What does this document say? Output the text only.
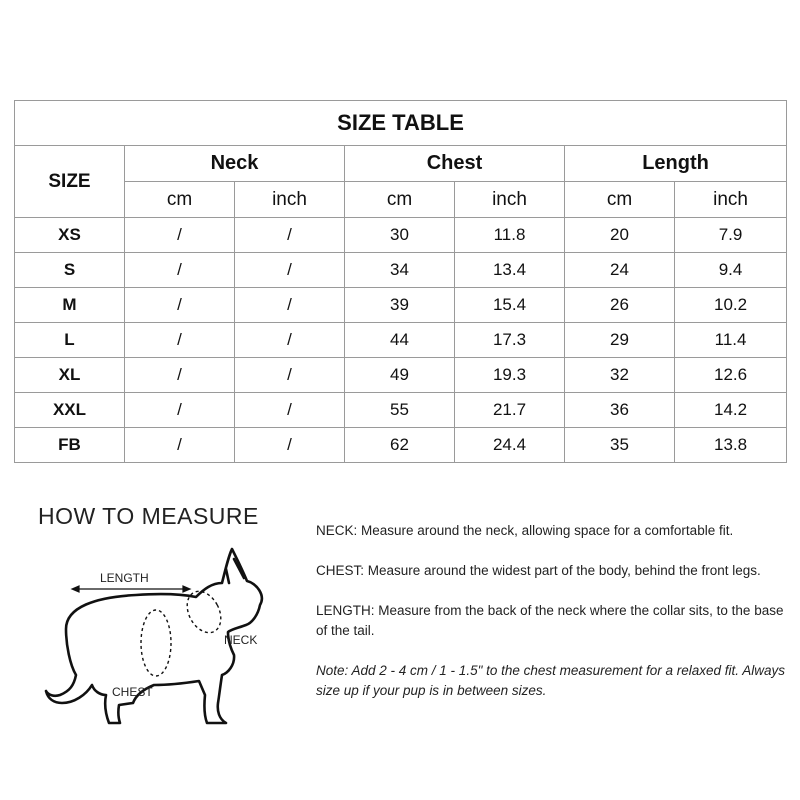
SIZE TABLE						
SIZE	Neck		Chest		Length	
	cm	inch	cm	inch	cm	inch
XS	/	/	30	11.8	20	7.9
S	/	/	34	13.4	24	9.4
M	/	/	39	15.4	26	10.2
L	/	/	44	17.3	29	11.4
XL	/	/	49	19.3	32	12.6
XXL	/	/	55	21.7	36	14.2
FB	/	/	62	24.4	35	13.8
HOW TO MEASURE
LENGTH
NECK
CHEST

NECK: Measure around the neck, allowing space for a comfortable fit.

CHEST: Measure around the widest part of the body, behind the front legs.

LENGTH: Measure from the back of the neck where the collar sits, to the base of the tail.

Note: Add 2 - 4 cm / 1 - 1.5" to the chest measurement for a relaxed fit. Always size up if your pup is in between sizes.
